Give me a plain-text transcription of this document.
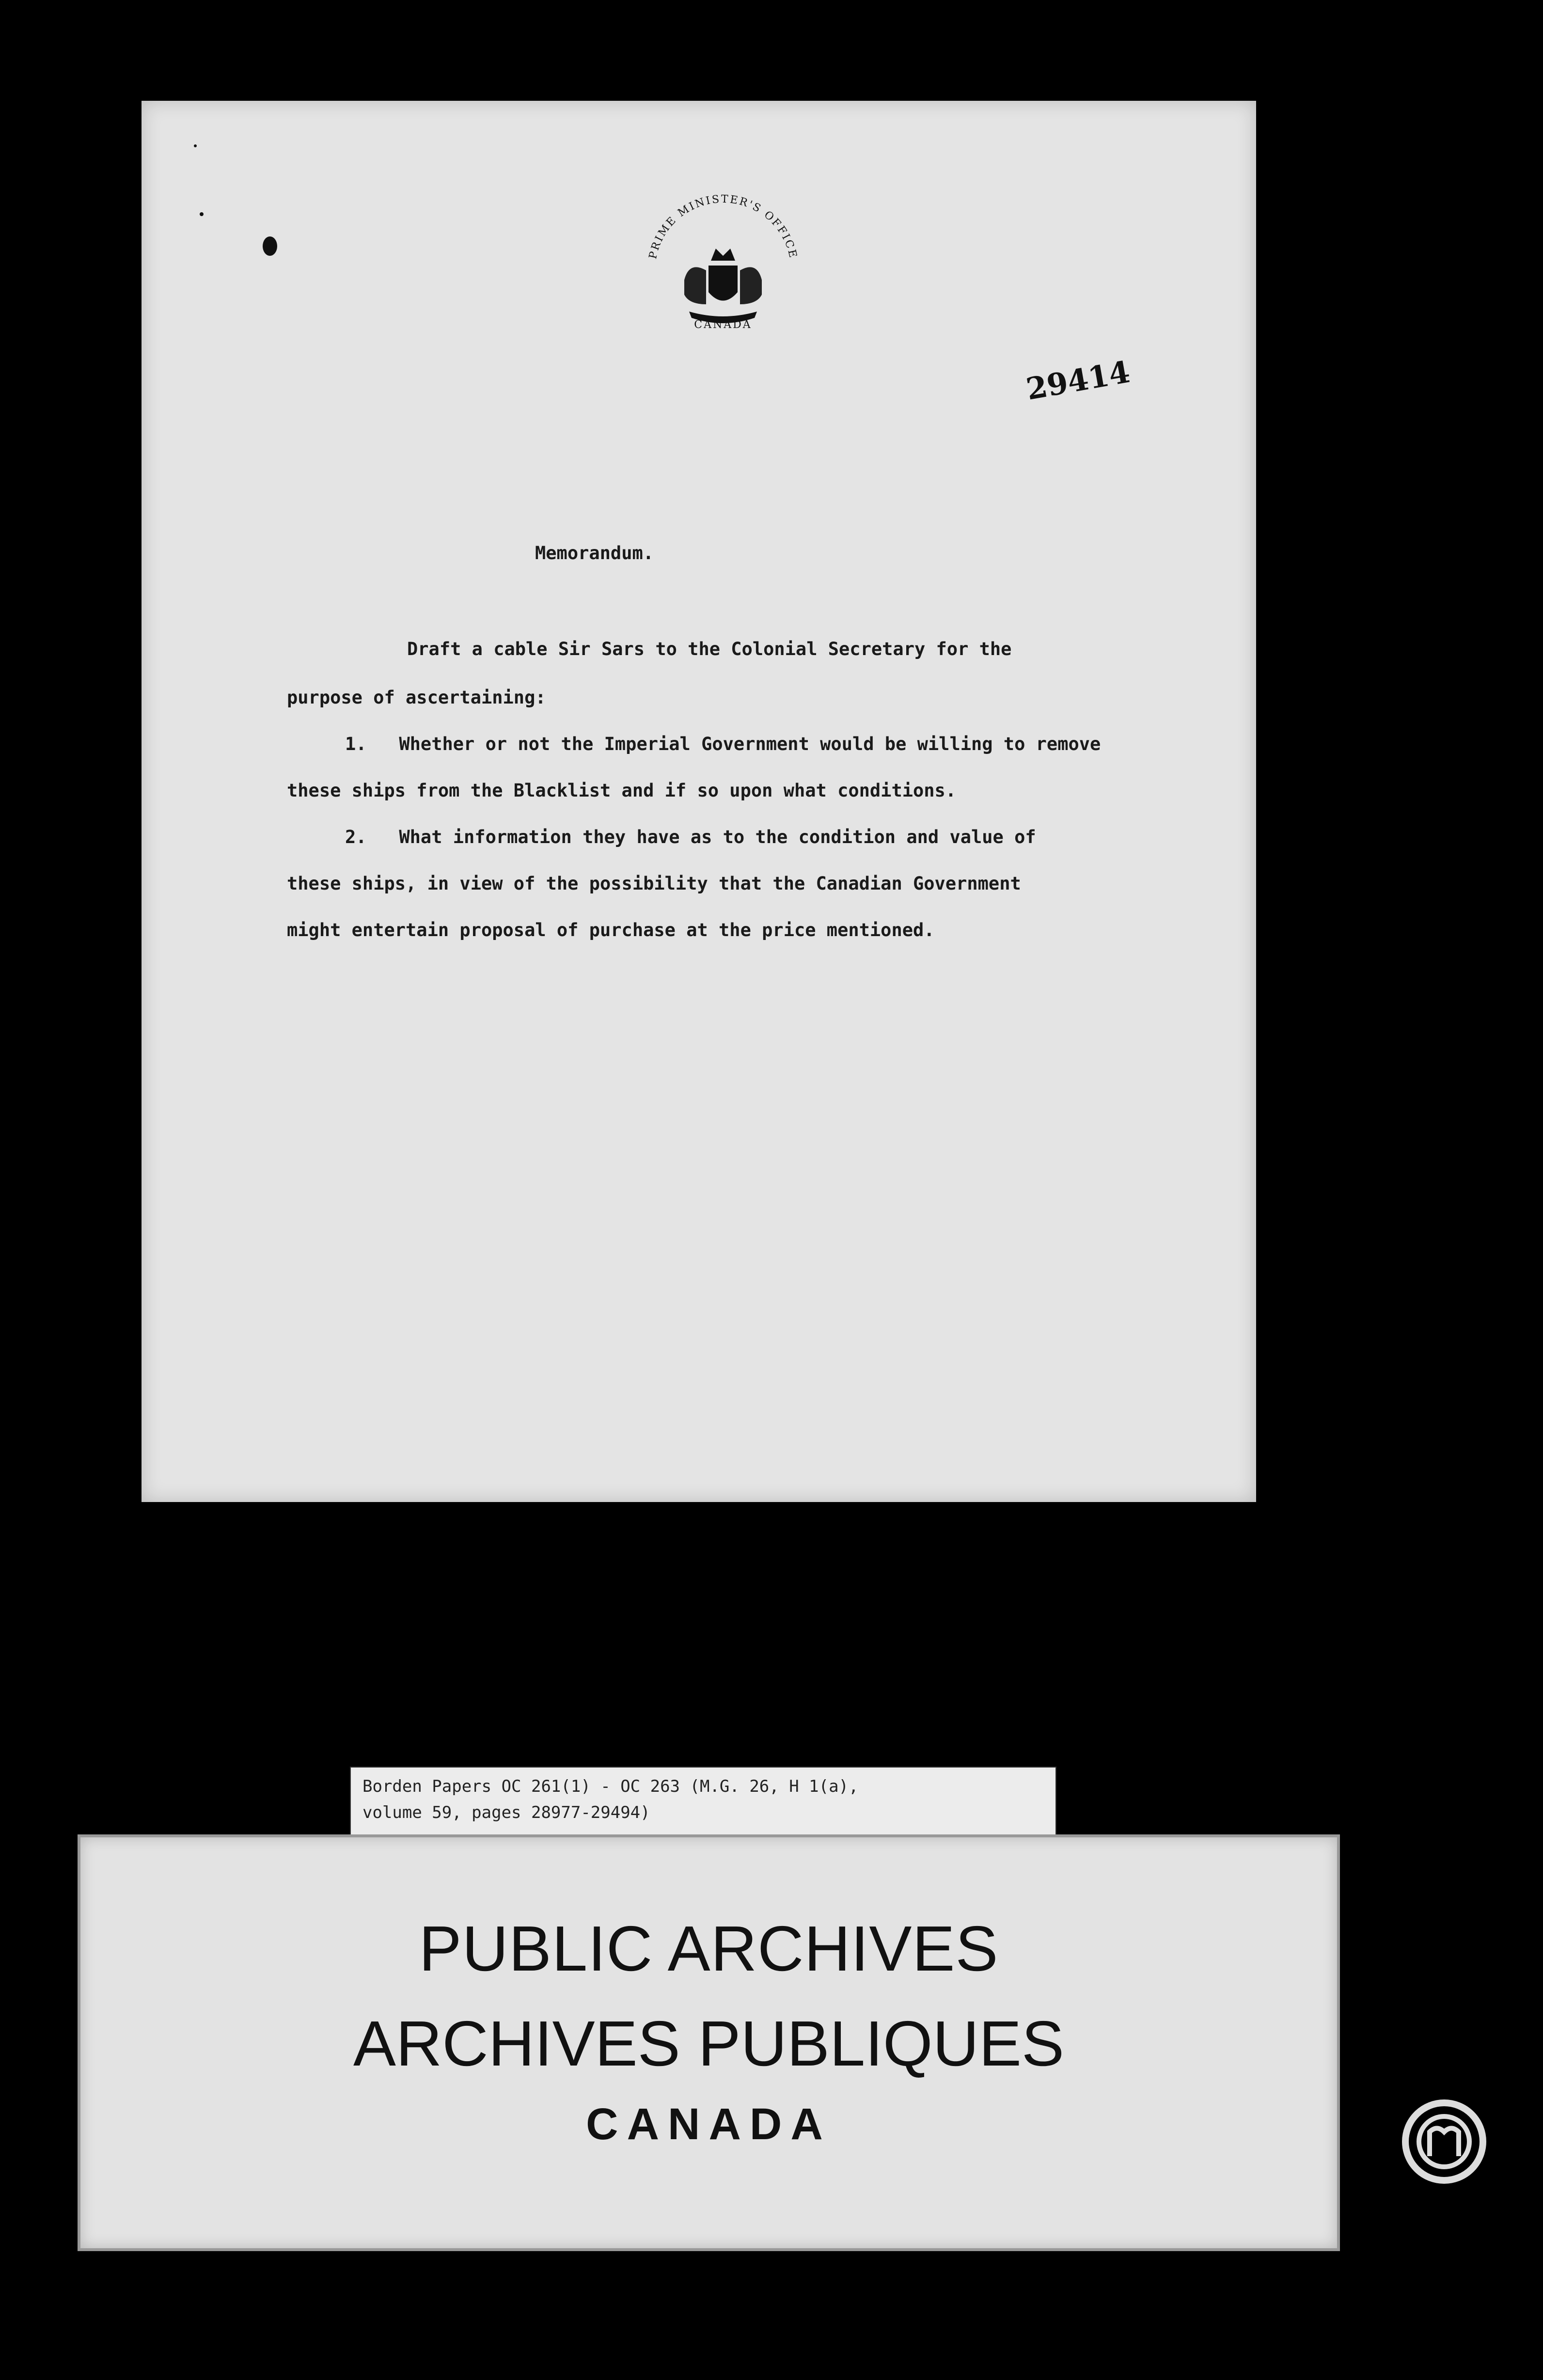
PRIME MINISTER'S OFFICE
CANADA
29414
Memorandum.
Draft a cable Sir Sars to the Colonial Secretary for the
purpose of ascertaining:
1.   Whether or not the Imperial Government would be willing to remove
these ships from the Blacklist and if so upon what conditions.
2.   What information they have as to the condition and value of
these ships, in view of the possibility that the Canadian Government
might entertain proposal of purchase at the price mentioned.
Borden Papers OC 261(1) - OC 263 (M.G. 26, H 1(a),
volume 59, pages 28977-29494)
PUBLIC ARCHIVES
ARCHIVES PUBLIQUES
CANADA
